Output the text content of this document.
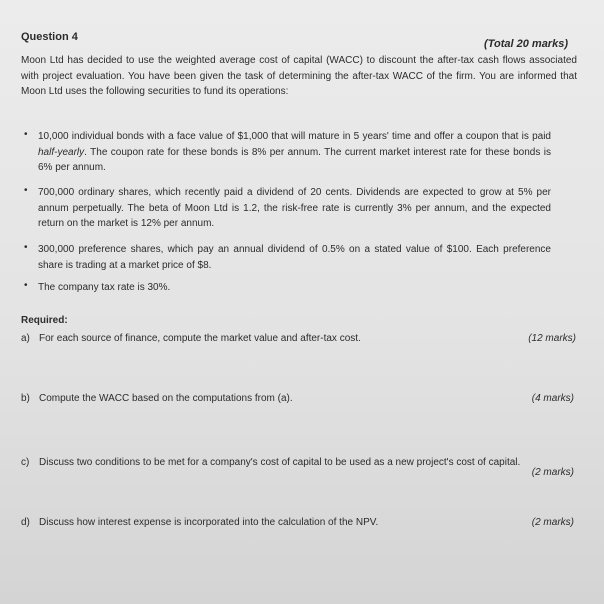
Question 4
(Total 20 marks)
Moon Ltd has decided to use the weighted average cost of capital (WACC) to discount the after-tax cash flows associated with project evaluation. You have been given the task of determining the after-tax WACC of the firm. You are informed that Moon Ltd uses the following securities to fund its operations:
• 10,000 individual bonds with a face value of $1,000 that will mature in 5 years' time and offer a coupon that is paid half-yearly. The coupon rate for these bonds is 8% per annum. The current market interest rate for these bonds is 6% per annum.
• 700,000 ordinary shares, which recently paid a dividend of 20 cents. Dividends are expected to grow at 5% per annum perpetually. The beta of Moon Ltd is 1.2, the risk-free rate is currently 3% per annum, and the expected return on the market is 12% per annum.
• 300,000 preference shares, which pay an annual dividend of 0.5% on a stated value of $100. Each preference share is trading at a market price of $8.
• The company tax rate is 30%.
Required:
a) For each source of finance, compute the market value and after-tax cost.	(12 marks)
b) Compute the WACC based on the computations from (a).	(4 marks)
c) Discuss two conditions to be met for a company's cost of capital to be used as a new project's cost of capital.
(2 marks)
d) Discuss how interest expense is incorporated into the calculation of the NPV.	(2 marks)
